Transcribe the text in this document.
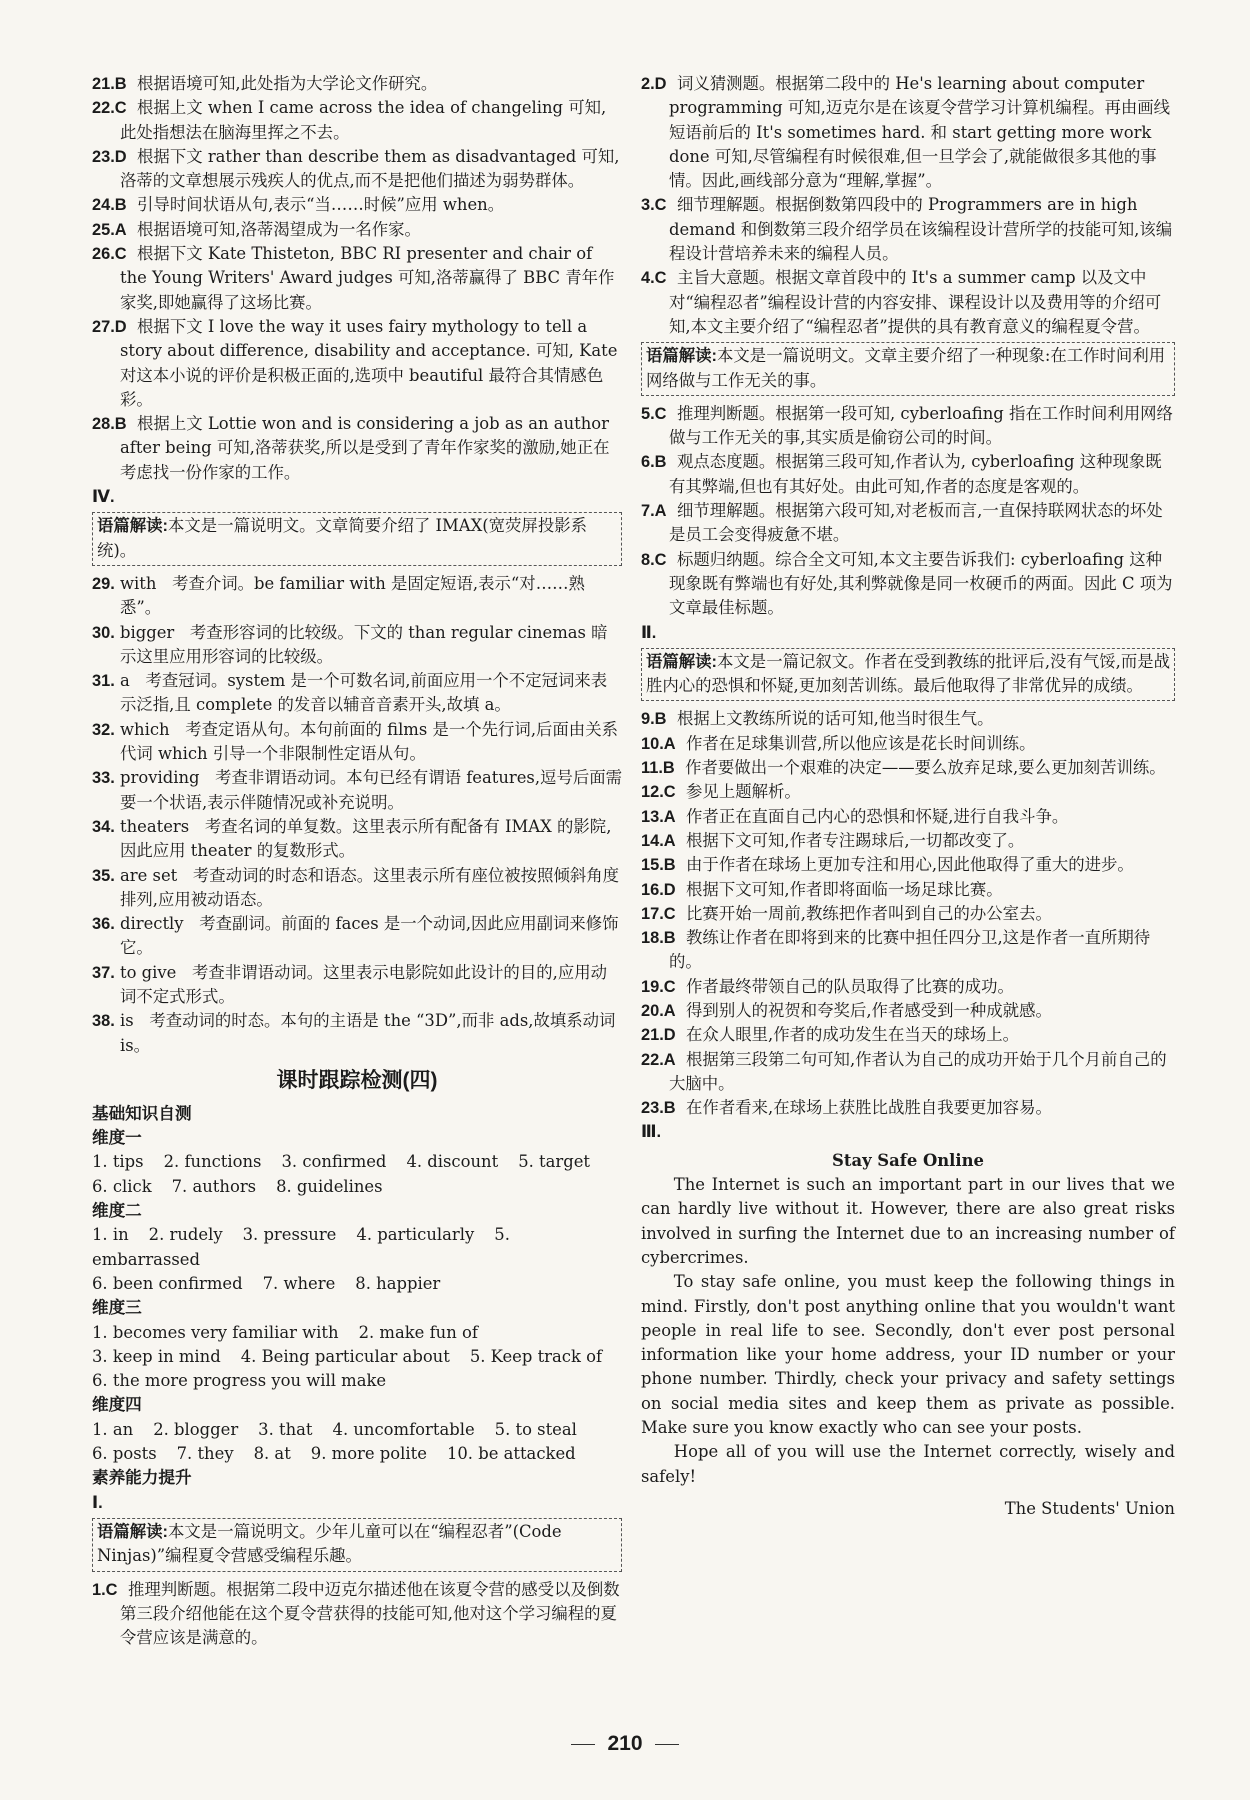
21.B 根据语境可知,此处指为大学论文作研究。

22.C 根据上文 when I came across the idea of changeling 可知,此处指想法在脑海里挥之不去。

23.D 根据下文 rather than describe them as disadvantaged 可知,洛蒂的文章想展示残疾人的优点,而不是把他们描述为弱势群体。

24.B 引导时间状语从句,表示“当……时候”应用 when。

25.A 根据语境可知,洛蒂渴望成为一名作家。

26.C 根据下文 Kate Thisteton, BBC RI presenter and chair of the Young Writers' Award judges 可知,洛蒂赢得了 BBC 青年作家奖,即她赢得了这场比赛。

27.D 根据下文 I love the way it uses fairy mythology to tell a story about difference, disability and acceptance. 可知, Kate 对这本小说的评价是积极正面的,选项中 beautiful 最符合其情感色彩。

28.B 根据上文 Lottie won and is considering a job as an author after being 可知,洛蒂获奖,所以是受到了青年作家奖的激励,她正在考虑找一份作家的工作。

Ⅳ.

语篇解读:本文是一篇说明文。文章简要介绍了 IMAX(宽荧屏投影系统)。

29. with 考查介词。be familiar with 是固定短语,表示“对……熟悉”。

30. bigger 考查形容词的比较级。下文的 than regular cinemas 暗示这里应用形容词的比较级。

31. a 考查冠词。system 是一个可数名词,前面应用一个不定冠词来表示泛指,且 complete 的发音以辅音音素开头,故填 a。

32. which 考查定语从句。本句前面的 films 是一个先行词,后面由关系代词 which 引导一个非限制性定语从句。

33. providing 考查非谓语动词。本句已经有谓语 features,逗号后面需要一个状语,表示伴随情况或补充说明。

34. theaters 考查名词的单复数。这里表示所有配备有 IMAX 的影院,因此应用 theater 的复数形式。

35. are set 考查动词的时态和语态。这里表示所有座位被按照倾斜角度排列,应用被动语态。

36. directly 考查副词。前面的 faces 是一个动词,因此应用副词来修饰它。

37. to give 考查非谓语动词。这里表示电影院如此设计的目的,应用动词不定式形式。

38. is 考查动词的时态。本句的主语是 the “3D”,而非 ads,故填系动词 is。

课时跟踪检测(四)
基础知识自测
维度一

1. tips 2. functions 3. confirmed 4. discount 5. target

6. click 7. authors 8. guidelines

维度二

1. in 2. rudely 3. pressure 4. particularly 5. embarrassed

6. been confirmed 7. where 8. happier

维度三

1. becomes very familiar with 2. make fun of3. keep in mind 4. Being particular about 5. Keep track of

6. the more progress you will make

维度四

1. an 2. blogger 3. that 4. uncomfortable 5. to steal

6. posts 7. they 8. at 9. more polite 10. be attacked

素养能力提升

Ⅰ.

语篇解读:本文是一篇说明文。少年儿童可以在“编程忍者”(Code Ninjas)”编程夏令营感受编程乐趣。

1.C 推理判断题。根据第二段中迈克尔描述他在该夏令营的感受以及倒数第三段介绍他能在这个夏令营获得的技能可知,他对这个学习编程的夏令营应该是满意的。

2.D 词义猜测题。根据第二段中的 He's learning about computer programming 可知,迈克尔是在该夏令营学习计算机编程。再由画线短语前后的 It's sometimes hard. 和 start getting more work done 可知,尽管编程有时候很难,但一旦学会了,就能做很多其他的事情。因此,画线部分意为“理解,掌握”。

3.C 细节理解题。根据倒数第四段中的 Programmers are in high demand 和倒数第三段介绍学员在该编程设计营所学的技能可知,该编程设计营培养未来的编程人员。

4.C 主旨大意题。根据文章首段中的 It's a summer camp 以及文中对“编程忍者”编程设计营的内容安排、课程设计以及费用等的介绍可知,本文主要介绍了“编程忍者”提供的具有教育意义的编程夏令营。

语篇解读:本文是一篇说明文。文章主要介绍了一种现象:在工作时间利用网络做与工作无关的事。

5.C 推理判断题。根据第一段可知, cyberloafing 指在工作时间利用网络做与工作无关的事,其实质是偷窃公司的时间。

6.B 观点态度题。根据第三段可知,作者认为, cyberloafing 这种现象既有其弊端,但也有其好处。由此可知,作者的态度是客观的。

7.A 细节理解题。根据第六段可知,对老板而言,一直保持联网状态的坏处是员工会变得疲惫不堪。

8.C 标题归纳题。综合全文可知,本文主要告诉我们: cyberloafing 这种现象既有弊端也有好处,其利弊就像是同一枚硬币的两面。因此 C 项为文章最佳标题。

Ⅱ.

语篇解读:本文是一篇记叙文。作者在受到教练的批评后,没有气馁,而是战胜内心的恐惧和怀疑,更加刻苦训练。最后他取得了非常优异的成绩。

9.B 根据上文教练所说的话可知,他当时很生气。

10.A 作者在足球集训营,所以他应该是花长时间训练。

11.B 作者要做出一个艰难的决定——要么放弃足球,要么更加刻苦训练。

12.C 参见上题解析。

13.A 作者正在直面自己内心的恐惧和怀疑,进行自我斗争。

14.A 根据下文可知,作者专注踢球后,一切都改变了。

15.B 由于作者在球场上更加专注和用心,因此他取得了重大的进步。

16.D 根据下文可知,作者即将面临一场足球比赛。

17.C 比赛开始一周前,教练把作者叫到自己的办公室去。

18.B 教练让作者在即将到来的比赛中担任四分卫,这是作者一直所期待的。

19.C 作者最终带领自己的队员取得了比赛的成功。

20.A 得到别人的祝贺和夸奖后,作者感受到一种成就感。

21.D 在众人眼里,作者的成功发生在当天的球场上。

22.A 根据第三段第二句可知,作者认为自己的成功开始于几个月前自己的大脑中。

23.B 在作者看来,在球场上获胜比战胜自我要更加容易。

Ⅲ.

Stay Safe Online

The Internet is such an important part in our lives that we can hardly live without it. However, there are also great risks involved in surfing the Internet due to an increasing number of cybercrimes.

To stay safe online, you must keep the following things in mind. Firstly, don't post anything online that you wouldn't want people in real life to see. Secondly, don't ever post personal information like your home address, your ID number or your phone number. Thirdly, check your privacy and safety settings on social media sites and keep them as private as possible. Make sure you know exactly who can see your posts.

Hope all of you will use the Internet correctly, wisely and safely!

The Students' Union

210
